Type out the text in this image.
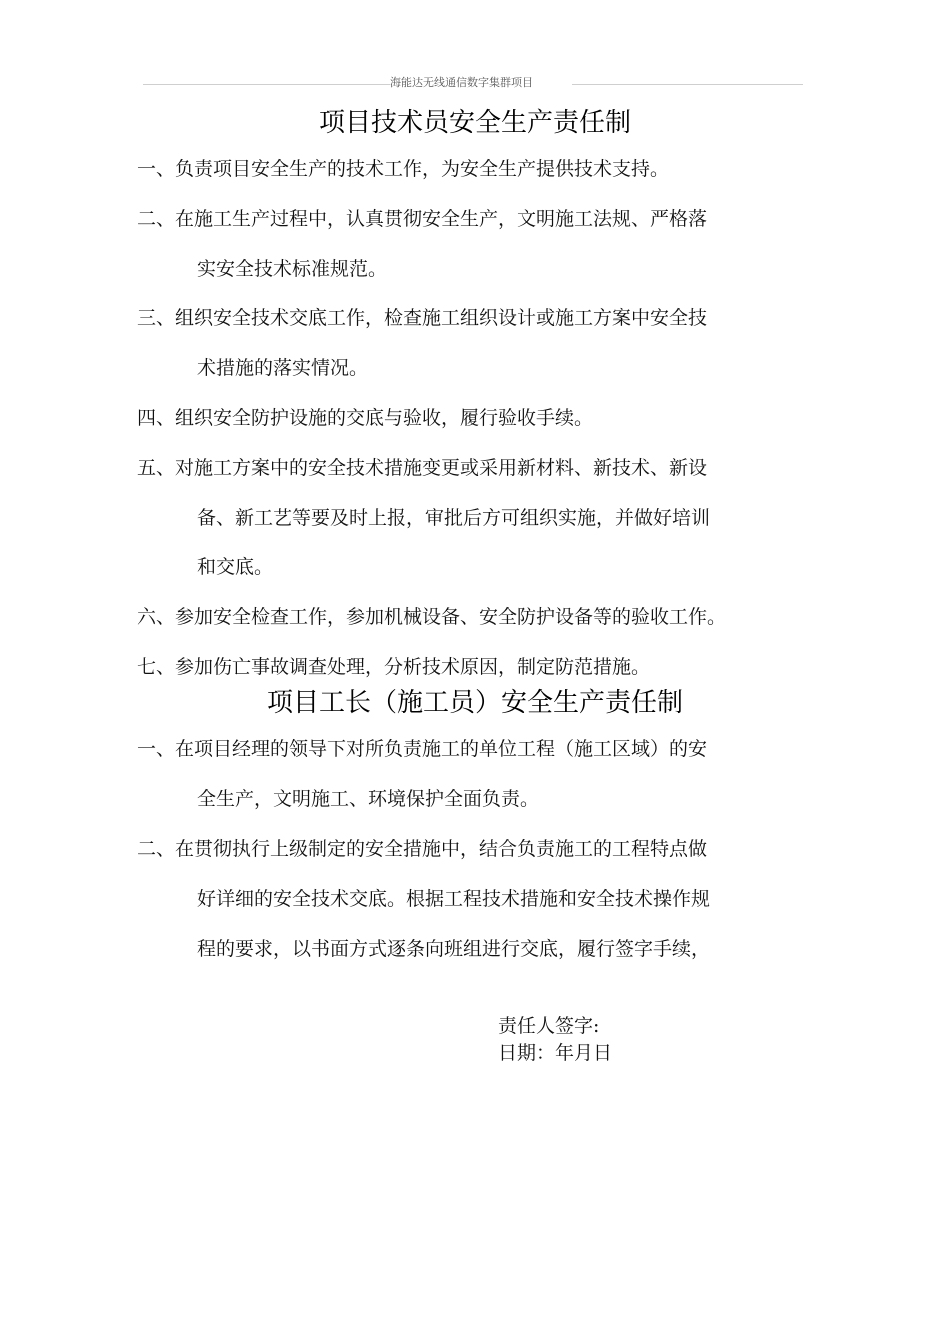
海能达无线通信数字集群项目
项目技术员安全生产责任制
一、负责项目安全生产的技术工作，为安全生产提供技术支持。
二、在施工生产过程中，认真贯彻安全生产，文明施工法规、严格落
实安全技术标准规范。
三、组织安全技术交底工作，检查施工组织设计或施工方案中安全技
术措施的落实情况。
四、组织安全防护设施的交底与验收，履行验收手续。
五、对施工方案中的安全技术措施变更或采用新材料、新技术、新设
备、新工艺等要及时上报，审批后方可组织实施，并做好培训
和交底。
六、参加安全检查工作，参加机械设备、安全防护设备等的验收工作。
七、参加伤亡事故调查处理，分析技术原因，制定防范措施。
项目工长（施工员）安全生产责任制
一、在项目经理的领导下对所负责施工的单位工程（施工区域）的安
全生产，文明施工、环境保护全面负责。
二、在贯彻执行上级制定的安全措施中，结合负责施工的工程特点做
好详细的安全技术交底。根据工程技术措施和安全技术操作规
程的要求，以书面方式逐条向班组进行交底，履行签字手续，
责任人签字:
日期：年月日
